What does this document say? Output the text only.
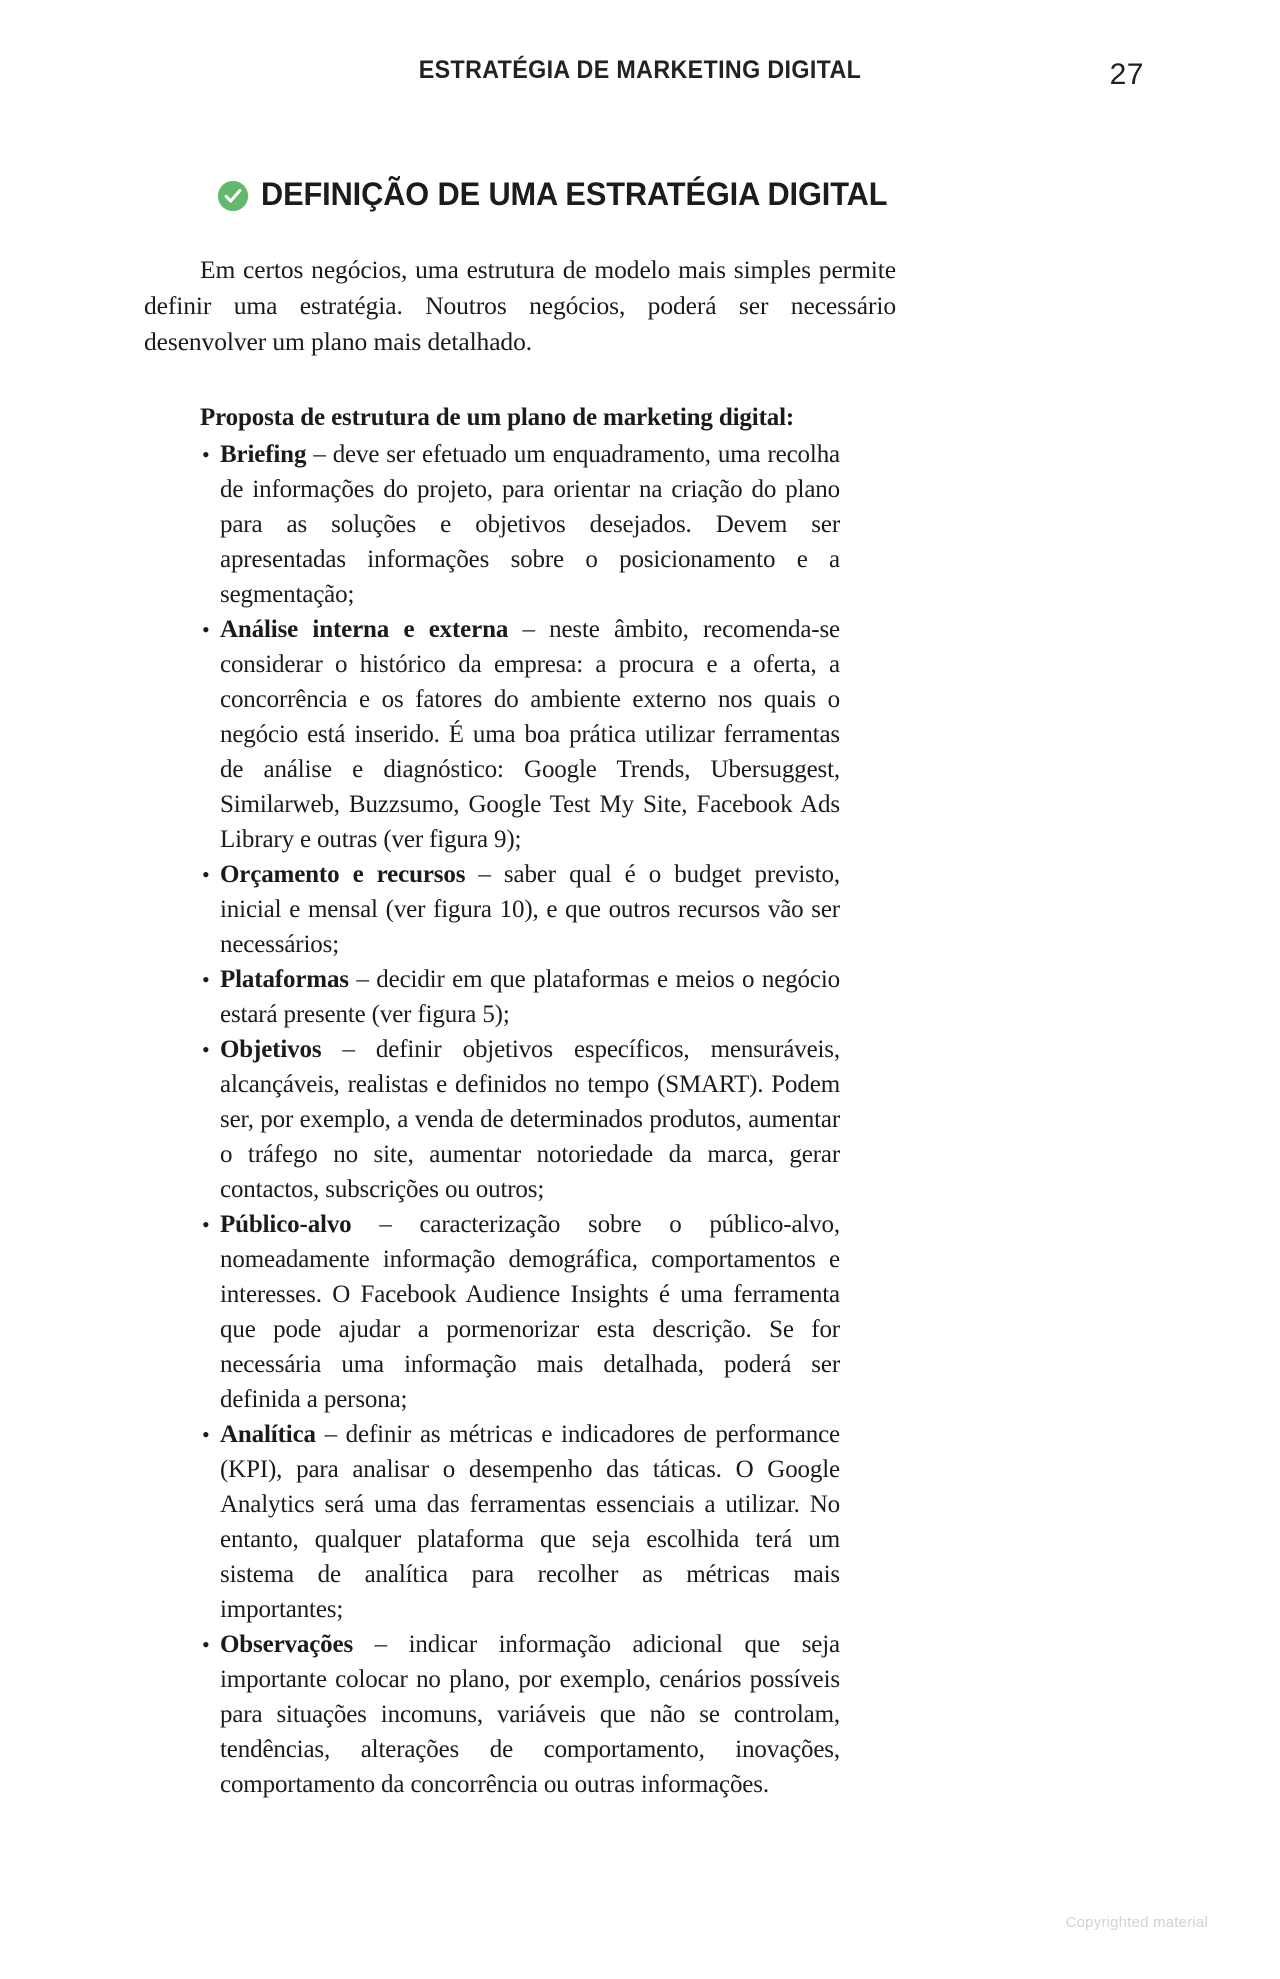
ESTRATÉGIA DE MARKETING DIGITAL	27
DEFINIÇÃO DE UMA ESTRATÉGIA DIGITAL

Em certos negócios, uma estrutura de modelo mais simples permite definir uma estratégia. Noutros negócios, poderá ser necessário desenvolver um plano mais detalhado.

Proposta de estrutura de um plano de marketing digital:

• Briefing – deve ser efetuado um enquadramento, uma recolha de informações do projeto, para orientar na criação do plano para as soluções e objetivos desejados. Devem ser apresentadas informações sobre o posicionamento e a segmentação;
• Análise interna e externa – neste âmbito, recomenda-se considerar o histórico da empresa: a procura e a oferta, a concorrência e os fatores do ambiente externo nos quais o negócio está inserido. É uma boa prática utilizar ferramentas de análise e diagnóstico: Google Trends, Ubersuggest, Similarweb, Buzzsumo, Google Test My Site, Facebook Ads Library e outras (ver figura 9);
• Orçamento e recursos – saber qual é o budget previsto, inicial e mensal (ver figura 10), e que outros recursos vão ser necessários;
• Plataformas – decidir em que plataformas e meios o negócio estará presente (ver figura 5);
• Objetivos – definir objetivos específicos, mensuráveis, alcançáveis, realistas e definidos no tempo (SMART). Podem ser, por exemplo, a venda de determinados produtos, aumentar o tráfego no site, aumentar notoriedade da marca, gerar contactos, subscrições ou outros;
• Público-alvo – caracterização sobre o público-alvo, nomeadamente informação demográfica, comportamentos e interesses. O Facebook Audience Insights é uma ferramenta que pode ajudar a pormenorizar esta descrição. Se for necessária uma informação mais detalhada, poderá ser definida a persona;
• Analítica – definir as métricas e indicadores de performance (KPI), para analisar o desempenho das táticas. O Google Analytics será uma das ferramentas essenciais a utilizar. No entanto, qualquer plataforma que seja escolhida terá um sistema de analítica para recolher as métricas mais importantes;
• Observações – indicar informação adicional que seja importante colocar no plano, por exemplo, cenários possíveis para situações incomuns, variáveis que não se controlam, tendências, alterações de comportamento, inovações, comportamento da concorrência ou outras informações.
Copyrighted material
